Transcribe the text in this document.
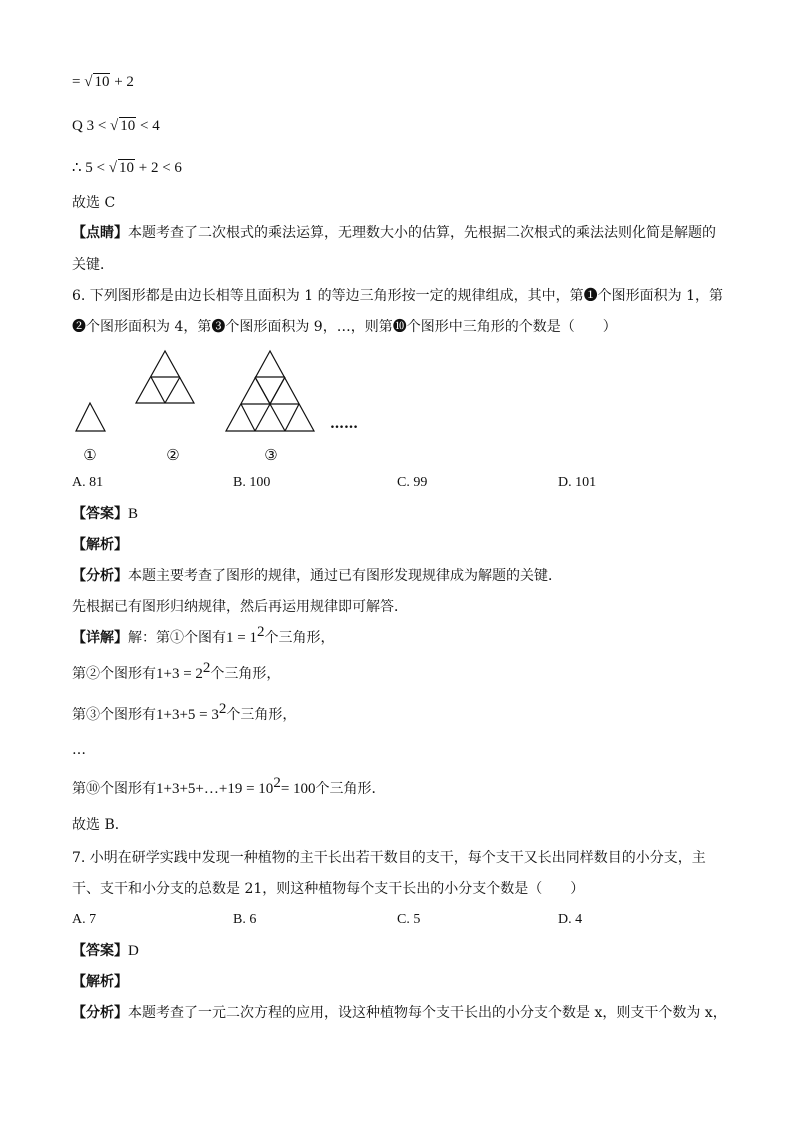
= √ 10 + 2
Q 3 < √ 10 < 4
∴ 5 < √ 10 + 2 < 6
故选 C
【点睛】本题考查了二次根式的乘法运算，无理数大小的估算，先根据二次根式的乘法法则化简是解题的
关键．
6. 下列图形都是由边长相等且面积为 1 的等边三角形按一定的规律组成，其中，第❶个图形面积为 1，第
❷个图形面积为 4，第❸个图形面积为 9，…，则第❿个图形中三角形的个数是（　　）
……
①	②	③
A. 81	B. 100	C. 99	D. 101
【答案】B
【解析】
【分析】本题主要考查了图形的规律，通过已有图形发现规律成为解题的关键．
先根据已有图形归纳规律，然后再运用规律即可解答．
【详解】解：第①个图有$1 = 1^2$个三角形，
第②个图形有$1+3 = 2^2$个三角形，
第③个图形有$1+3+5 = 3^2$个三角形，
…
第⑩个图形有1+3+5+…+19 = $10^2= 100$个三角形．
故选 B．
7. 小明在研学实践中发现一种植物的主干长出若干数目的支干，每个支干又长出同样数目的小分支，主
干、支干和小分支的总数是 21，则这种植物每个支干长出的小分支个数是（　　）
A. 7	B. 6	C. 5	D. 4
【答案】D
【解析】
【分析】本题考查了一元二次方程的应用，设这种植物每个支干长出的小分支个数是 x，则支干个数为 x，
